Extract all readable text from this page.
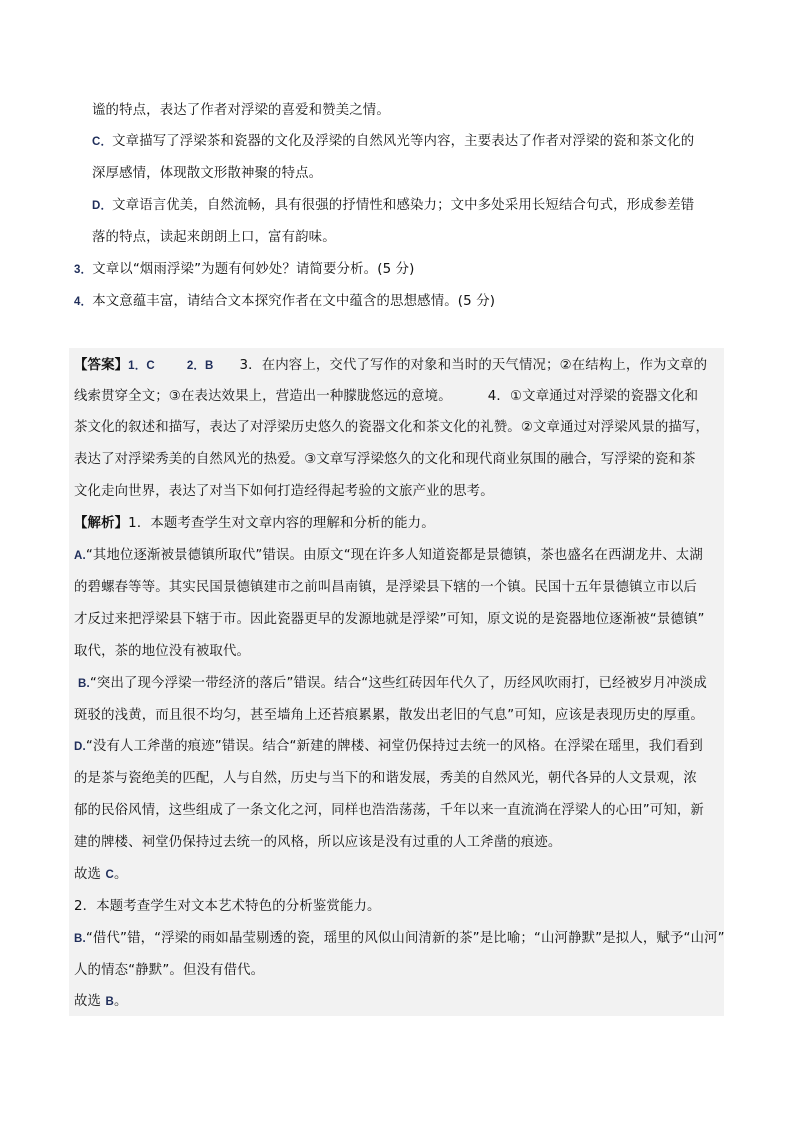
谧的特点，表达了作者对浮梁的喜爱和赞美之情。
C．文章描写了浮梁茶和瓷器的文化及浮梁的自然风光等内容，主要表达了作者对浮梁的瓷和茶文化的
深厚感情，体现散文形散神聚的特点。
D．文章语言优美，自然流畅，具有很强的抒情性和感染力；文中多处采用长短结合句式，形成参差错
落的特点，读起来朗朗上口，富有韵味。
3．文章以“烟雨浮梁”为题有何妙处？请简要分析。(5 分)
4．本文意蕴丰富，请结合文本探究作者在文中蕴含的思想感情。(5 分)
【答案】1．C	2．B 3．在内容上，交代了写作的对象和当时的天气情况；②在结构上，作为文章的
线索贯穿全文；③在表达效果上，营造出一种朦胧悠远的意境。	4．①文章通过对浮梁的瓷器文化和
茶文化的叙述和描写，表达了对浮梁历史悠久的瓷器文化和茶文化的礼赞。②文章通过对浮梁风景的描写，
表达了对浮梁秀美的自然风光的热爱。③文章写浮梁悠久的文化和现代商业氛围的融合，写浮梁的瓷和茶
文化走向世界，表达了对当下如何打造经得起考验的文旅产业的思考。
【解析】1．本题考查学生对文章内容的理解和分析的能力。
A.“其地位逐渐被景德镇所取代”错误。由原文“现在许多人知道瓷都是景德镇，茶也盛名在西湖龙井、太湖
的碧螺春等等。其实民国景德镇建市之前叫昌南镇，是浮梁县下辖的一个镇。民国十五年景德镇立市以后
才反过来把浮梁县下辖于市。因此瓷器更早的发源地就是浮梁”可知，原文说的是瓷器地位逐渐被“景德镇”
取代，茶的地位没有被取代。
B.“突出了现今浮梁一带经济的落后”错误。结合“这些红砖因年代久了，历经风吹雨打，已经被岁月冲淡成
斑驳的浅黄，而且很不均匀，甚至墙角上还苔痕累累，散发出老旧的气息”可知，应该是表现历史的厚重。
D.“没有人工斧凿的痕迹”错误。结合“新建的牌楼、祠堂仍保持过去统一的风格。在浮梁在瑶里，我们看到
的是茶与瓷绝美的匹配，人与自然，历史与当下的和谐发展，秀美的自然风光，朝代各异的人文景观，浓
郁的民俗风情，这些组成了一条文化之河，同样也浩浩荡荡，千年以来一直流淌在浮梁人的心田”可知，新
建的牌楼、祠堂仍保持过去统一的风格，所以应该是没有过重的人工斧凿的痕迹。
故选 C。
2．本题考查学生对文本艺术特色的分析鉴赏能力。
B.“借代”错，“浮梁的雨如晶莹剔透的瓷，瑶里的风似山间清新的茶”是比喻；“山河静默”是拟人，赋予“山河”
人的情态“静默”。但没有借代。
故选 B。
